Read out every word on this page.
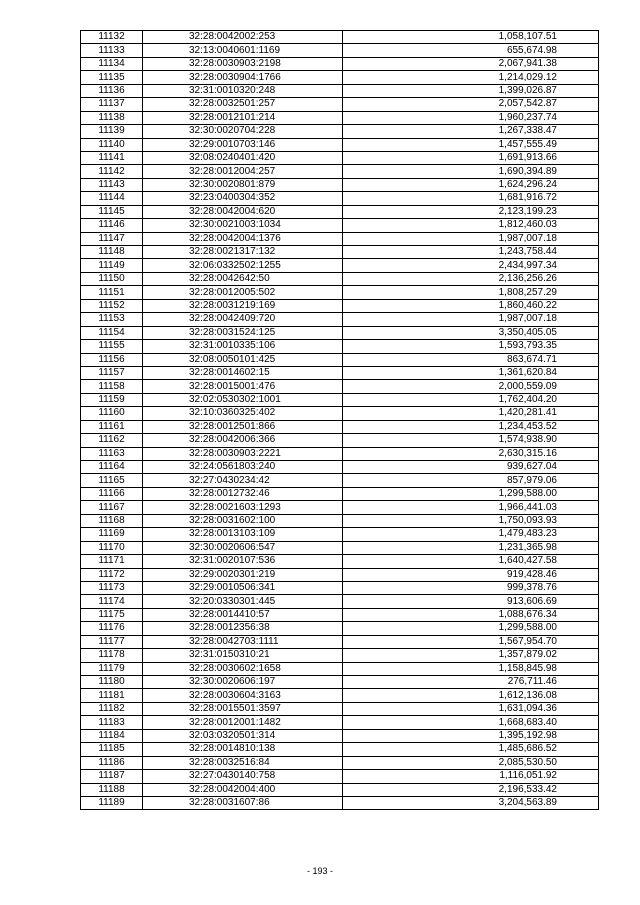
11132	32:28:0042002:253	1,058,107.51
11133	32:13:0040601:1169	655,674.98
11134	32:28:0030903:2198	2,067,941.38
11135	32:28:0030904:1766	1,214,029.12
11136	32:31:0010320:248	1,399,026.87
11137	32:28:0032501:257	2,057,542.87
11138	32:28:0012101:214	1,960,237.74
11139	32:30:0020704:228	1,267,338.47
11140	32:29:0010703:146	1,457,555.49
11141	32:08:0240401:420	1,691,913.66
11142	32:28:0012004:257	1,690,394.89
11143	32:30:0020801:879	1,624,296.24
11144	32:23:0400304:352	1,681,916.72
11145	32:28:0042004:620	2,123,199.23
11146	32:30:0021003:1034	1,812,460.03
11147	32:28:0042004:1376	1,987,007.18
11148	32:28:0021317:132	1,243,758.44
11149	32:06:0332502:1255	2,434,997.34
11150	32:28:0042642:50	2,136,256.26
11151	32:28:0012005:502	1,808,257.29
11152	32:28:0031219:169	1,860,460.22
11153	32:28:0042409:720	1,987,007.18
11154	32:28:0031524:125	3,350,405.05
11155	32:31:0010335:106	1,593,793.35
11156	32:08:0050101:425	863,674.71
11157	32:28:0014602:15	1,361,620.84
11158	32:28:0015001:476	2,000,559.09
11159	32:02:0530302:1001	1,762,404.20
11160	32:10:0360325:402	1,420,281.41
11161	32:28:0012501:866	1,234,453.52
11162	32:28:0042006:366	1,574,938.90
11163	32:28:0030903:2221	2,630,315.16
11164	32:24:0561803:240	939,627.04
11165	32:27:0430234:42	857,979.06
11166	32:28:0012732:46	1,299,588.00
11167	32:28:0021603:1293	1,966,441.03
11168	32:28:0031602:100	1,750,093.93
11169	32:28:0013103:109	1,479,483.23
11170	32:30:0020606:547	1,231,365.98
11171	32:31:0020107:536	1,640,427.58
11172	32:29:0020301:219	919,428.46
11173	32:29:0010506:341	999,378.76
11174	32:20:0330301:445	913,606.69
11175	32:28:0014410:57	1,088,676.34
11176	32:28:0012356:38	1,299,588.00
11177	32:28:0042703:1111	1,567,954.70
11178	32:31:0150310:21	1,357,879.02
11179	32:28:0030602:1658	1,158,845.98
11180	32:30:0020606:197	276,711.46
11181	32:28:0030604:3163	1,612,136.08
11182	32:28:0015501:3597	1,631,094.36
11183	32:28:0012001:1482	1,668,683.40
11184	32:03:0320501:314	1,395,192.98
11185	32:28:0014810:138	1,485,686.52
11186	32:28:0032516:84	2,085,530.50
11187	32:27:0430140:758	1,116,051.92
11188	32:28:0042004:400	2,196,533.42
11189	32:28:0031607:86	3,204,563.89
- 193 -
